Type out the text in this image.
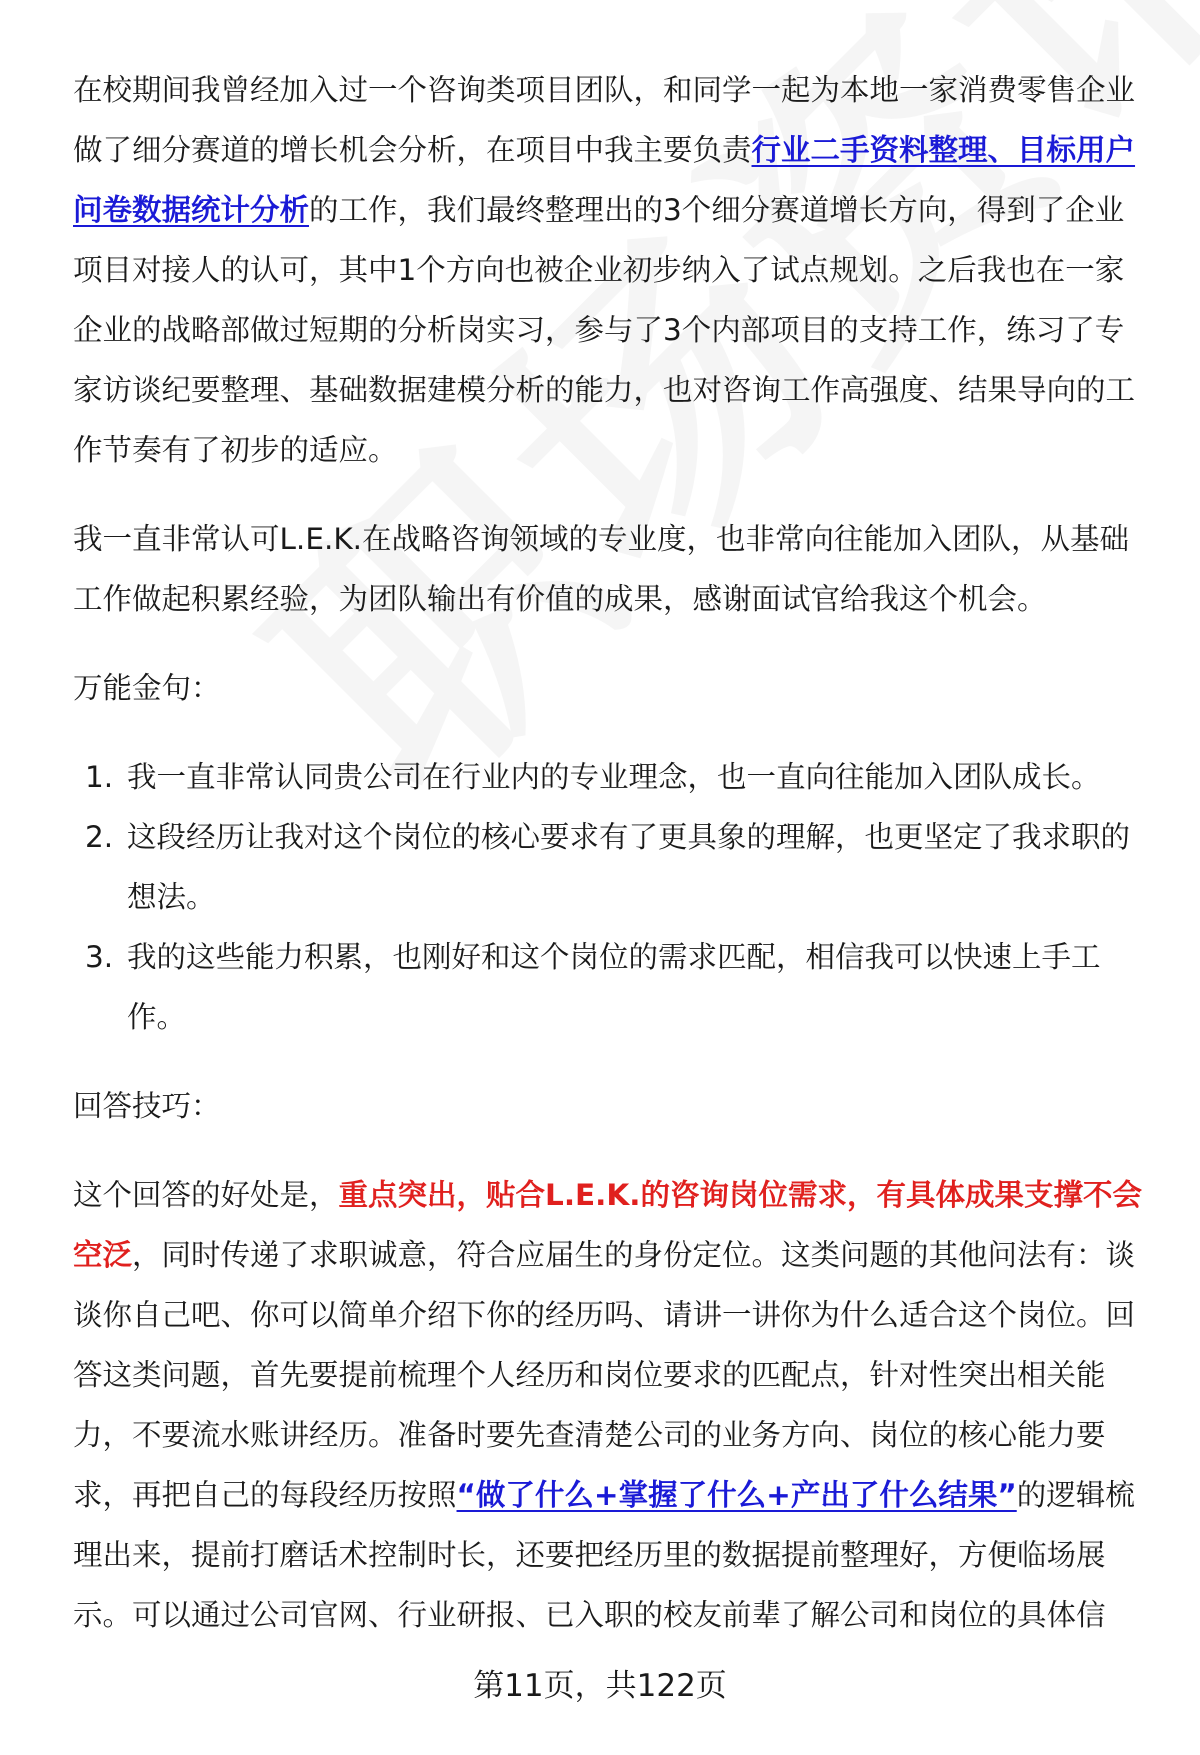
在校期间我曾经加入过一个咨询类项目团队，和同学一起为本地一家消费零售企业做了细分赛道的增长机会分析，在项目中我主要负责行业二手资料整理、目标用户问卷数据统计分析的工作，我们最终整理出的3个细分赛道增长方向，得到了企业项目对接人的认可，其中1个方向也被企业初步纳入了试点规划。之后我也在一家企业的战略部做过短期的分析岗实习，参与了3个内部项目的支持工作，练习了专家访谈纪要整理、基础数据建模分析的能力，也对咨询工作高强度、结果导向的工作节奏有了初步的适应。

我一直非常认可L.E.K.在战略咨询领域的专业度，也非常向往能加入团队，从基础工作做起积累经验，为团队输出有价值的成果，感谢面试官给我这个机会。

万能金句：

1. 我一直非常认同贵公司在行业内的专业理念，也一直向往能加入团队成长。
2. 这段经历让我对这个岗位的核心要求有了更具象的理解，也更坚定了我求职的想法。
3. 我的这些能力积累，也刚好和这个岗位的需求匹配，相信我可以快速上手工作。

回答技巧：

这个回答的好处是，重点突出，贴合L.E.K.的咨询岗位需求，有具体成果支撑不会空泛，同时传递了求职诚意，符合应届生的身份定位。这类问题的其他问法有：谈谈你自己吧、你可以简单介绍下你的经历吗、请讲一讲你为什么适合这个岗位。回答这类问题，首先要提前梳理个人经历和岗位要求的匹配点，针对性突出相关能力，不要流水账讲经历。准备时要先查清楚公司的业务方向、岗位的核心能力要求，再把自己的每段经历按照“做了什么+掌握了什么+产出了什么结果”的逻辑梳理出来，提前打磨话术控制时长，还要把经历里的数据提前整理好，方便临场展示。可以通过公司官网、行业研报、已入职的校友前辈了解公司和岗位的具体信

第11页，共122页
